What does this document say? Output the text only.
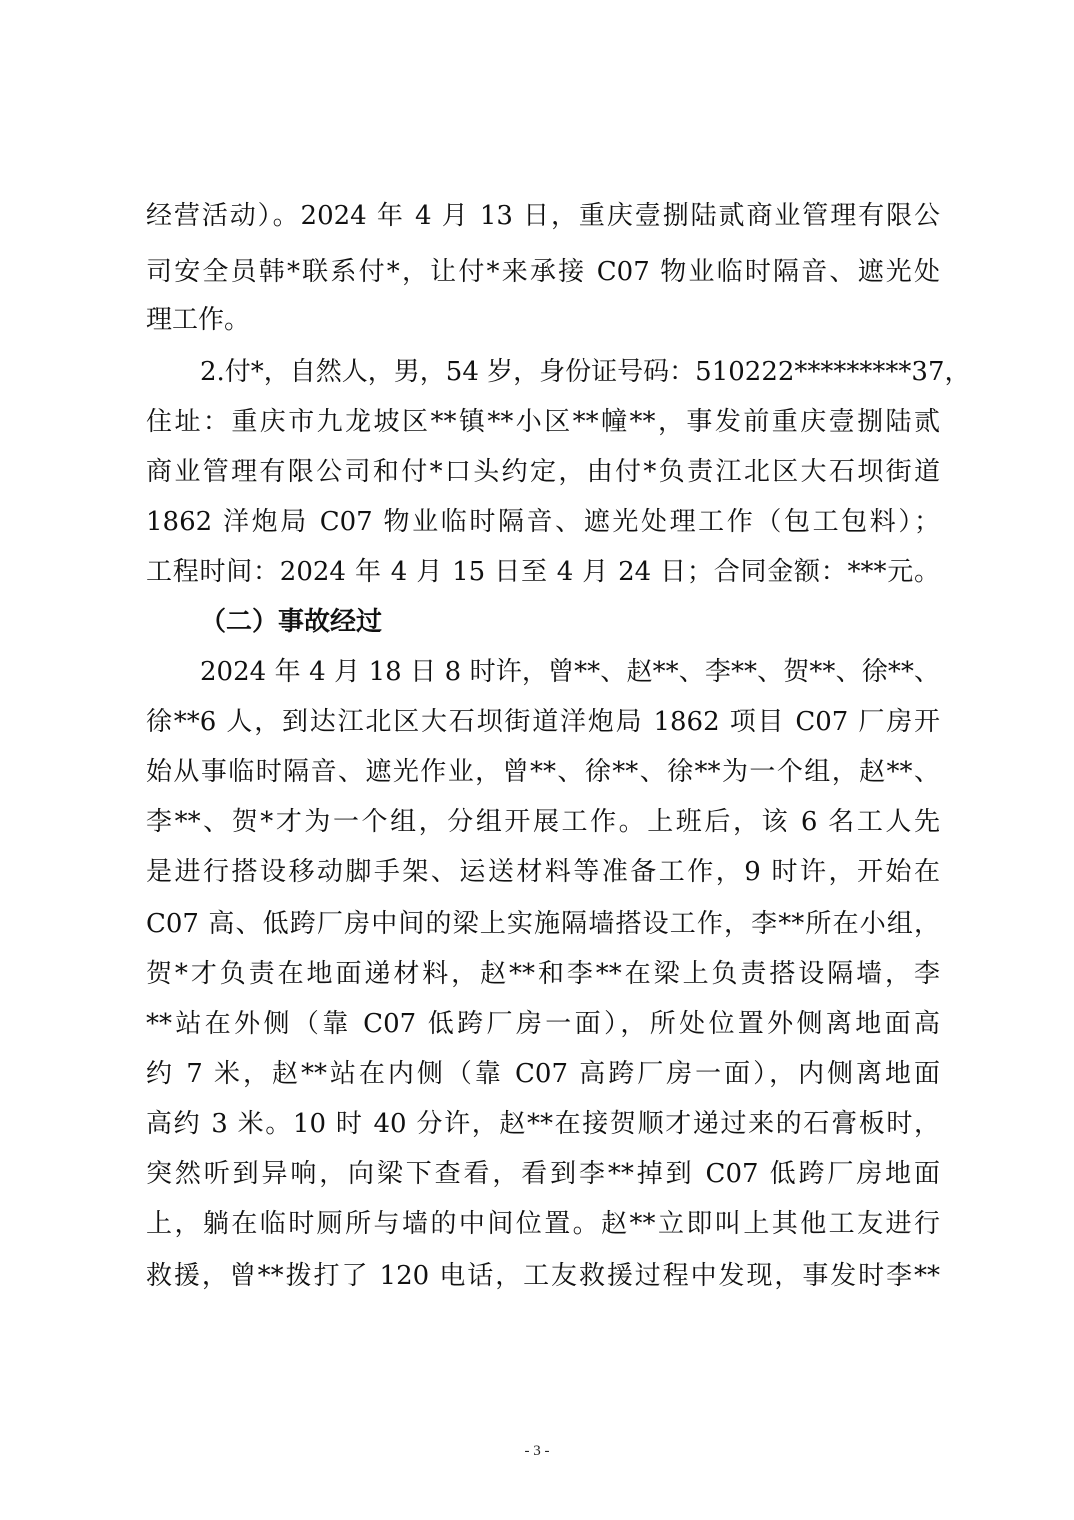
经营活动）。2024 年 4 月 13 日，重庆壹捌陆贰商业管理有限公
司安全员韩*联系付*，让付*来承接 C07 物业临时隔音、遮光处
理工作。
2.付*，自然人，男，54 岁，身份证号码：510222*********37，
住址：重庆市九龙坡区**镇**小区**幢**，事发前重庆壹捌陆贰
商业管理有限公司和付*口头约定，由付*负责江北区大石坝街道
1862 洋炮局 C07 物业临时隔音、遮光处理工作（包工包料）；
工程时间：2024 年 4 月 15 日至 4 月 24 日；合同金额：***元。
（二）事故经过
2024 年 4 月 18 日 8 时许，曾**、赵**、李**、贺**、徐**、
徐**6 人，到达江北区大石坝街道洋炮局 1862 项目 C07 厂房开
始从事临时隔音、遮光作业，曾**、徐**、徐**为一个组，赵**、
李**、贺*才为一个组，分组开展工作。上班后，该 6 名工人先
是进行搭设移动脚手架、运送材料等准备工作，9 时许，开始在
C07 高、低跨厂房中间的梁上实施隔墙搭设工作，李**所在小组，
贺*才负责在地面递材料，赵**和李**在梁上负责搭设隔墙，李
**站在外侧（靠 C07 低跨厂房一面），所处位置外侧离地面高
约 7 米，赵**站在内侧（靠 C07 高跨厂房一面），内侧离地面
高约 3 米。10 时 40 分许，赵**在接贺顺才递过来的石膏板时，
突然听到异响，向梁下查看，看到李**掉到 C07 低跨厂房地面
上，躺在临时厕所与墙的中间位置。赵**立即叫上其他工友进行
救援，曾**拨打了 120 电话，工友救援过程中发现，事发时李**
- 3 -
